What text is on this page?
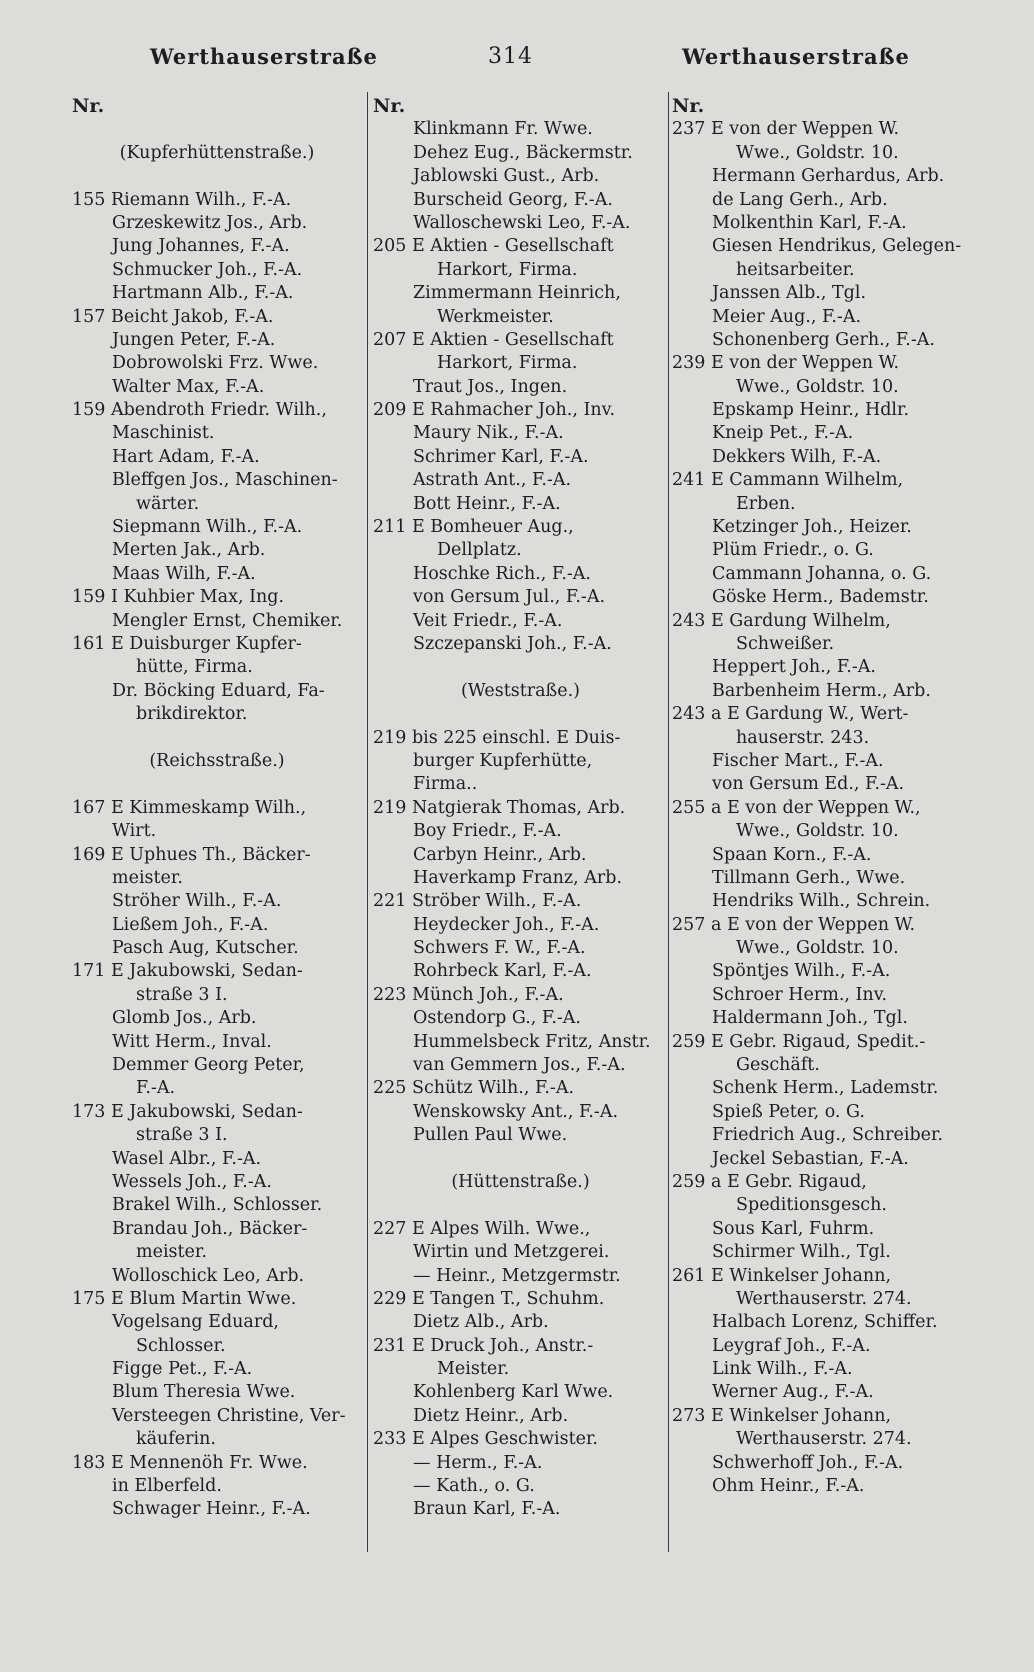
Werthauserstraße	314	Werthauserstraße
Nr.
(Kupferhüttenstraße.)
155 Riemann Wilh., F.-A.
Grzeskewitz Jos., Arb.
Jung Johannes, F.-A.
Schmucker Joh., F.-A.
Hartmann Alb., F.-A.
157 Beicht Jakob, F.-A.
Jungen Peter, F.-A.
Dobrowolski Frz. Wwe.
Walter Max, F.-A.
159 Abendroth Friedr. Wilh.,
Maschinist.
Hart Adam, F.-A.
Bleffgen Jos., Maschinen-
wärter.
Siepmann Wilh., F.-A.
Merten Jak., Arb.
Maas Wilh, F.-A.
159 I Kuhbier Max, Ing.
Mengler Ernst, Chemiker.
161 E Duisburger Kupfer-
hütte, Firma.
Dr. Böcking Eduard, Fa-
brikdirektor.
(Reichsstraße.)
167 E Kimmeskamp Wilh.,
Wirt.
169 E Uphues Th., Bäcker-
meister.
Ströher Wilh., F.-A.
Ließem Joh., F.-A.
Pasch Aug, Kutscher.
171 E Jakubowski, Sedan-
straße 3 I.
Glomb Jos., Arb.
Witt Herm., Inval.
Demmer Georg Peter,
F.-A.
173 E Jakubowski, Sedan-
straße 3 I.
Wasel Albr., F.-A.
Wessels Joh., F.-A.
Brakel Wilh., Schlosser.
Brandau Joh., Bäcker-
meister.
Wolloschick Leo, Arb.
175 E Blum Martin Wwe.
Vogelsang Eduard,
Schlosser.
Figge Pet., F.-A.
Blum Theresia Wwe.
Versteegen Christine, Ver-
käuferin.
183 E Mennenöh Fr. Wwe.
in Elberfeld.
Schwager Heinr., F.-A.
Nr.
Klinkmann Fr. Wwe.
Dehez Eug., Bäckermstr.
Jablowski Gust., Arb.
Burscheid Georg, F.-A.
Walloschewski Leo, F.-A.
205 E Aktien - Gesellschaft
Harkort, Firma.
Zimmermann Heinrich,
Werkmeister.
207 E Aktien - Gesellschaft
Harkort, Firma.
Traut Jos., Ingen.
209 E Rahmacher Joh., Inv.
Maury Nik., F.-A.
Schrimer Karl, F.-A.
Astrath Ant., F.-A.
Bott Heinr., F.-A.
211 E Bomheuer Aug.,
Dellplatz.
Hoschke Rich., F.-A.
von Gersum Jul., F.-A.
Veit Friedr., F.-A.
Szczepanski Joh., F.-A.
(Weststraße.)
219 bis 225 einschl. E Duis-
burger Kupferhütte,
Firma..
219 Natgierak Thomas, Arb.
Boy Friedr., F.-A.
Carbyn Heinr., Arb.
Haverkamp Franz, Arb.
221 Ströber Wilh., F.-A.
Heydecker Joh., F.-A.
Schwers F. W., F.-A.
Rohrbeck Karl, F.-A.
223 Münch Joh., F.-A.
Ostendorp G., F.-A.
Hummelsbeck Fritz, Anstr.
van Gemmern Jos., F.-A.
225 Schütz Wilh., F.-A.
Wenskowsky Ant., F.-A.
Pullen Paul Wwe.
(Hüttenstraße.)
227 E Alpes Wilh. Wwe.,
Wirtin und Metzgerei.
— Heinr., Metzgermstr.
229 E Tangen T., Schuhm.
Dietz Alb., Arb.
231 E Druck Joh., Anstr.-
Meister.
Kohlenberg Karl Wwe.
Dietz Heinr., Arb.
233 E Alpes Geschwister.
— Herm., F.-A.
— Kath., o. G.
Braun Karl, F.-A.
Nr.
237 E von der Weppen W.
Wwe., Goldstr. 10.
Hermann Gerhardus, Arb.
de Lang Gerh., Arb.
Molkenthin Karl, F.-A.
Giesen Hendrikus, Gelegen-
heitsarbeiter.
Janssen Alb., Tgl.
Meier Aug., F.-A.
Schonenberg Gerh., F.-A.
239 E von der Weppen W.
Wwe., Goldstr. 10.
Epskamp Heinr., Hdlr.
Kneip Pet., F.-A.
Dekkers Wilh, F.-A.
241 E Cammann Wilhelm,
Erben.
Ketzinger Joh., Heizer.
Plüm Friedr., o. G.
Cammann Johanna, o. G.
Göske Herm., Bademstr.
243 E Gardung Wilhelm,
Schweißer.
Heppert Joh., F.-A.
Barbenheim Herm., Arb.
243 a E Gardung W., Wert-
hauserstr. 243.
Fischer Mart., F.-A.
von Gersum Ed., F.-A.
255 a E von der Weppen W.,
Wwe., Goldstr. 10.
Spaan Korn., F.-A.
Tillmann Gerh., Wwe.
Hendriks Wilh., Schrein.
257 a E von der Weppen W.
Wwe., Goldstr. 10.
Spöntjes Wilh., F.-A.
Schroer Herm., Inv.
Haldermann Joh., Tgl.
259 E Gebr. Rigaud, Spedit.-
Geschäft.
Schenk Herm., Lademstr.
Spieß Peter, o. G.
Friedrich Aug., Schreiber.
Jeckel Sebastian, F.-A.
259 a E Gebr. Rigaud,
Speditionsgesch.
Sous Karl, Fuhrm.
Schirmer Wilh., Tgl.
261 E Winkelser Johann,
Werthauserstr. 274.
Halbach Lorenz, Schiffer.
Leygraf Joh., F.-A.
Link Wilh., F.-A.
Werner Aug., F.-A.
273 E Winkelser Johann,
Werthauserstr. 274.
Schwerhoff Joh., F.-A.
Ohm Heinr., F.-A.
